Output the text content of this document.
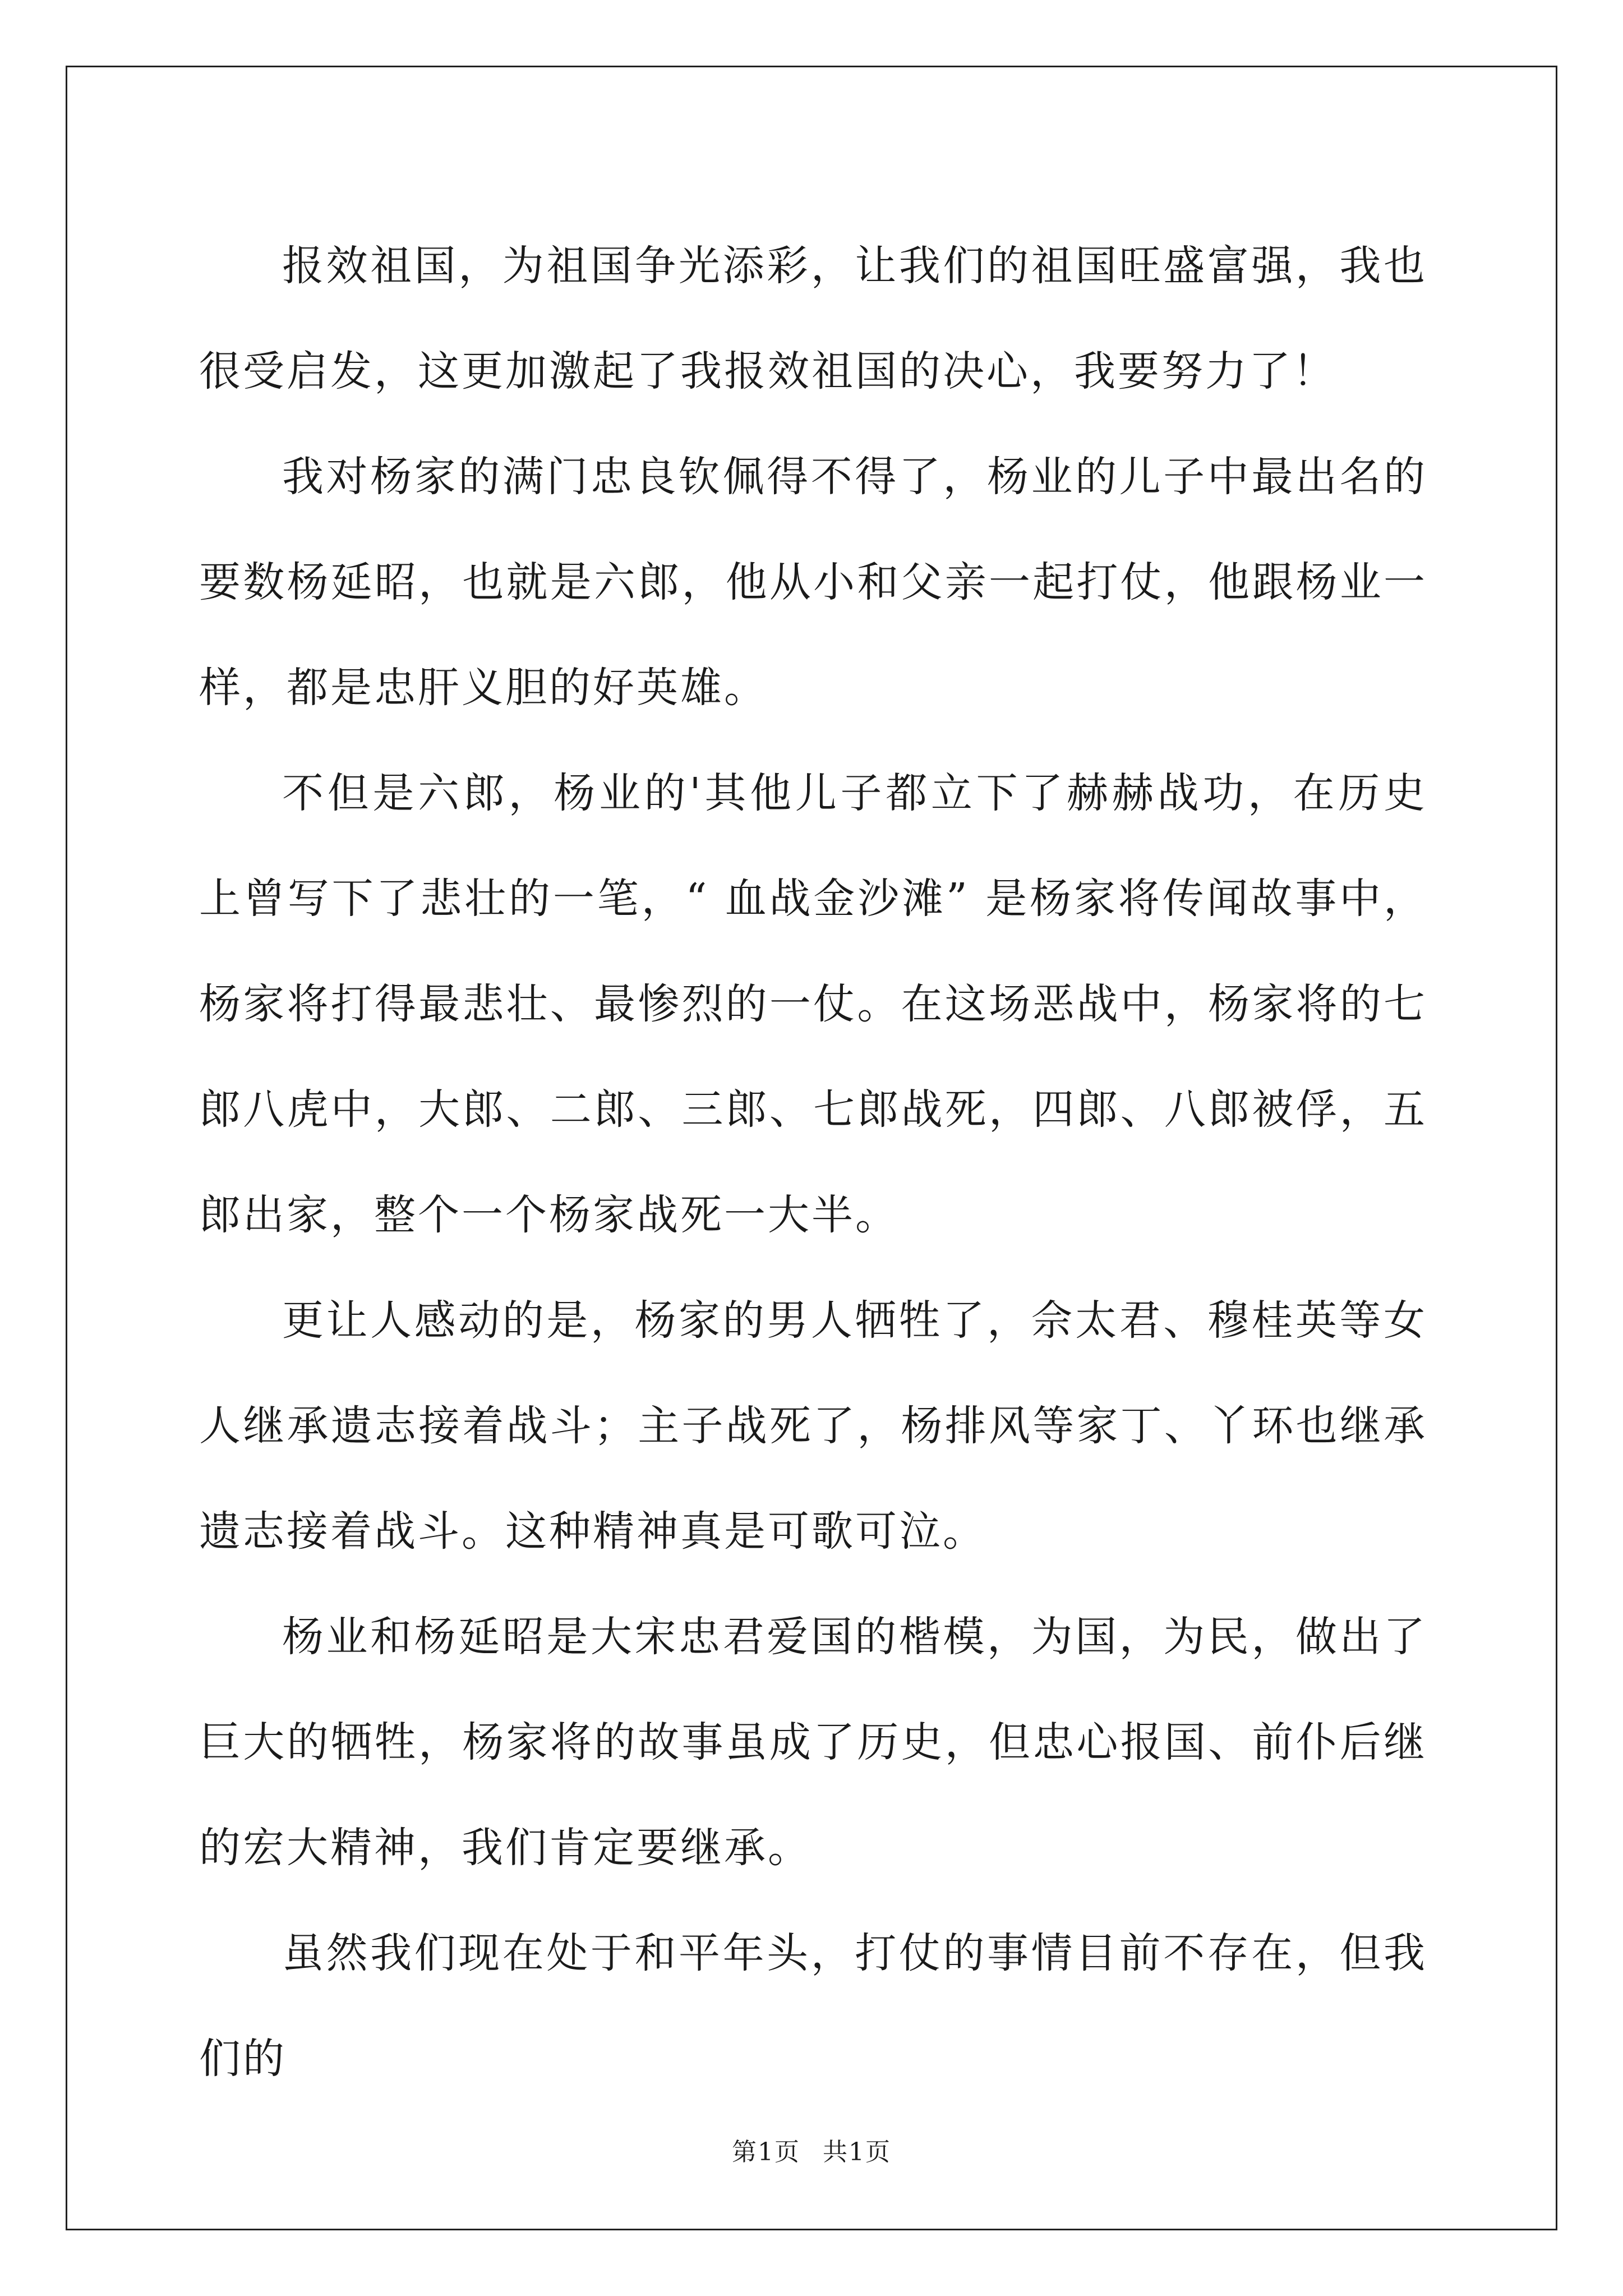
报效祖国，为祖国争光添彩，让我们的祖国旺盛富强，我也很受启发，这更加激起了我报效祖国的决心，我要努力了！

我对杨家的满门忠良钦佩得不得了，杨业的儿子中最出名的要数杨延昭，也就是六郎，他从小和父亲一起打仗，他跟杨业一样，都是忠肝义胆的好英雄。

不但是六郎，杨业的'其他儿子都立下了赫赫战功，在历史上曾写下了悲壮的一笔，“ 血战金沙滩” 是杨家将传闻故事中，杨家将打得最悲壮、最惨烈的一仗。在这场恶战中，杨家将的七郎八虎中，大郎、二郎、三郎、七郎战死，四郎、八郎被俘，五郎出家，整个一个杨家战死一大半。

更让人感动的是，杨家的男人牺牲了，佘太君、穆桂英等女人继承遗志接着战斗；主子战死了，杨排风等家丁、丫环也继承遗志接着战斗。这种精神真是可歌可泣。

杨业和杨延昭是大宋忠君爱国的楷模，为国，为民，做出了巨大的牺牲，杨家将的故事虽成了历史，但忠心报国、前仆后继的宏大精神，我们肯定要继承。

虽然我们现在处于和平年头，打仗的事情目前不存在，但我们的

第1页 共1页
